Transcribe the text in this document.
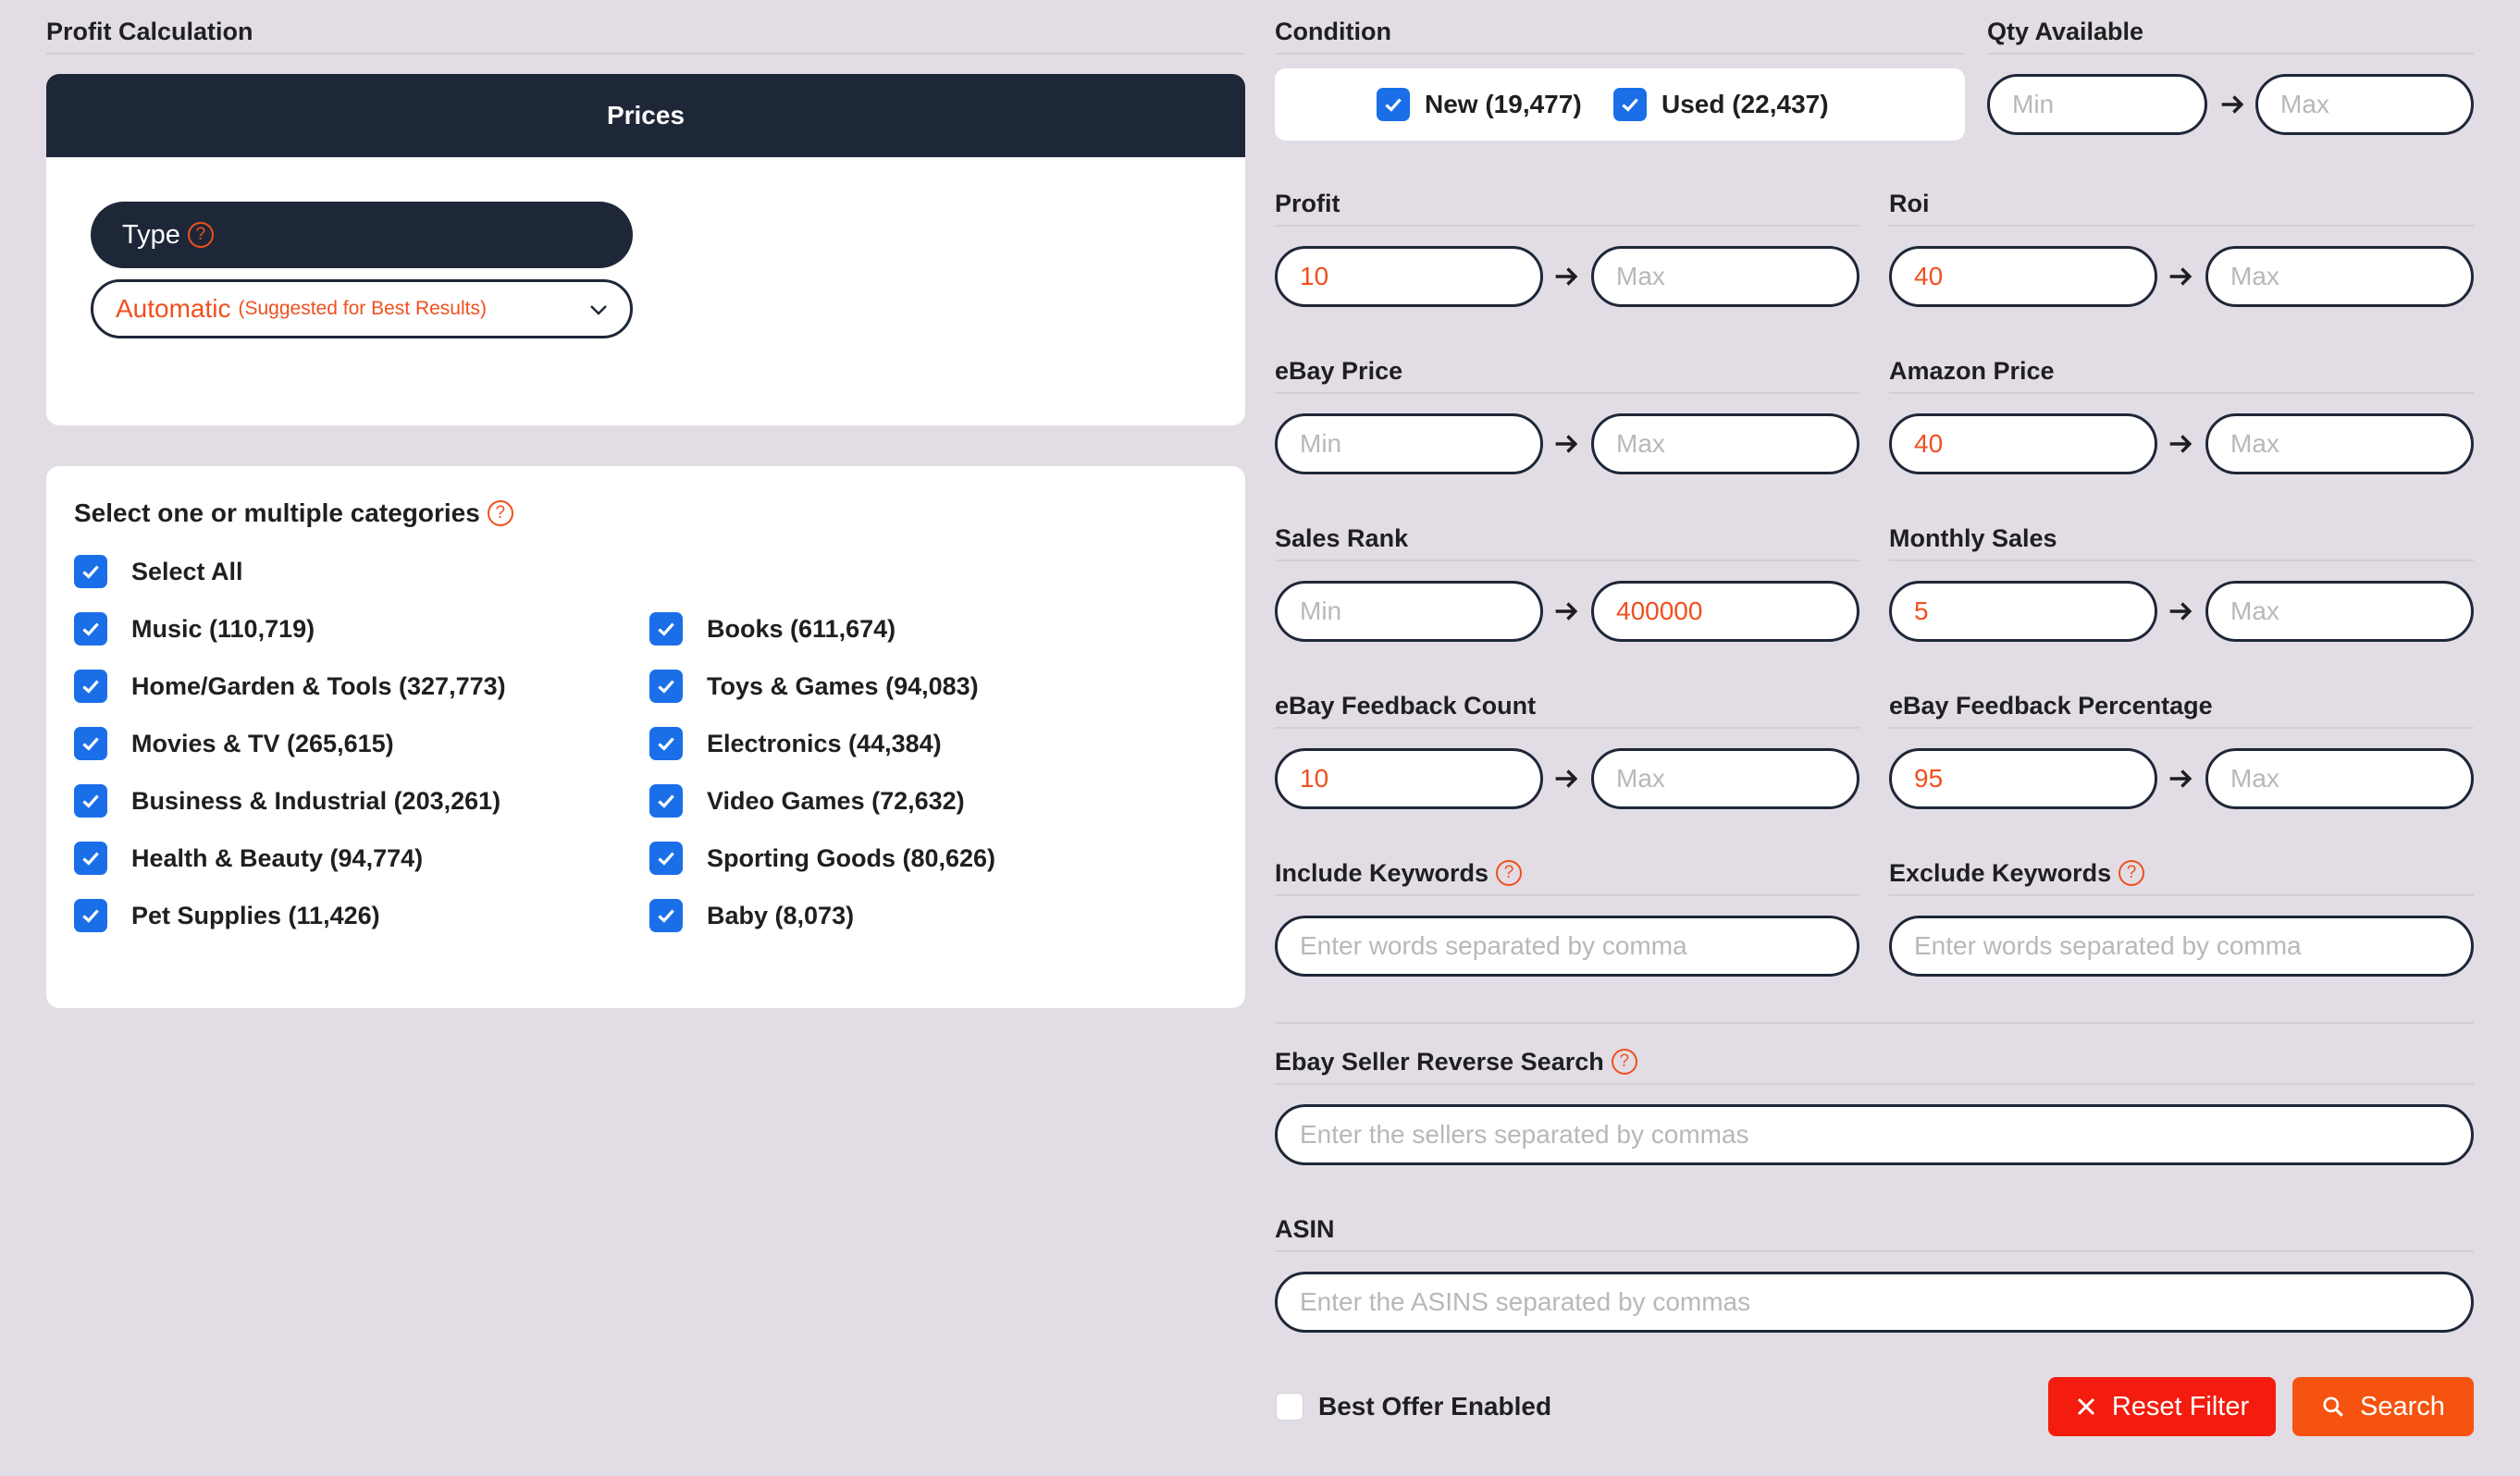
Profit Calculation
Prices
Type ?
Automatic (Suggested for Best Results)
Select one or multiple categories ?
Select All
Music (110,719)
Home/Garden & Tools (327,773)
Movies & TV (265,615)
Business & Industrial (203,261)
Health & Beauty (94,774)
Pet Supplies (11,426)
Books (611,674)
Toys & Games (94,083)
Electronics (44,384)
Video Games (72,632)
Sporting Goods (80,626)
Baby (8,073)
Condition
New (19,477)	Used (22,437)
Qty Available
Min	Max
Profit
10	Max
Roi
40	Max
eBay Price
Min	Max
Amazon Price
40	Max
Sales Rank
Min	400000
Monthly Sales
5	Max
eBay Feedback Count
10	Max
eBay Feedback Percentage
95	Max
Include Keywords ?
Enter words separated by comma
Exclude Keywords ?
Enter words separated by comma
Ebay Seller Reverse Search ?
Enter the sellers separated by commas
ASIN
Enter the ASINS separated by commas
Best Offer Enabled	Reset Filter	Search
